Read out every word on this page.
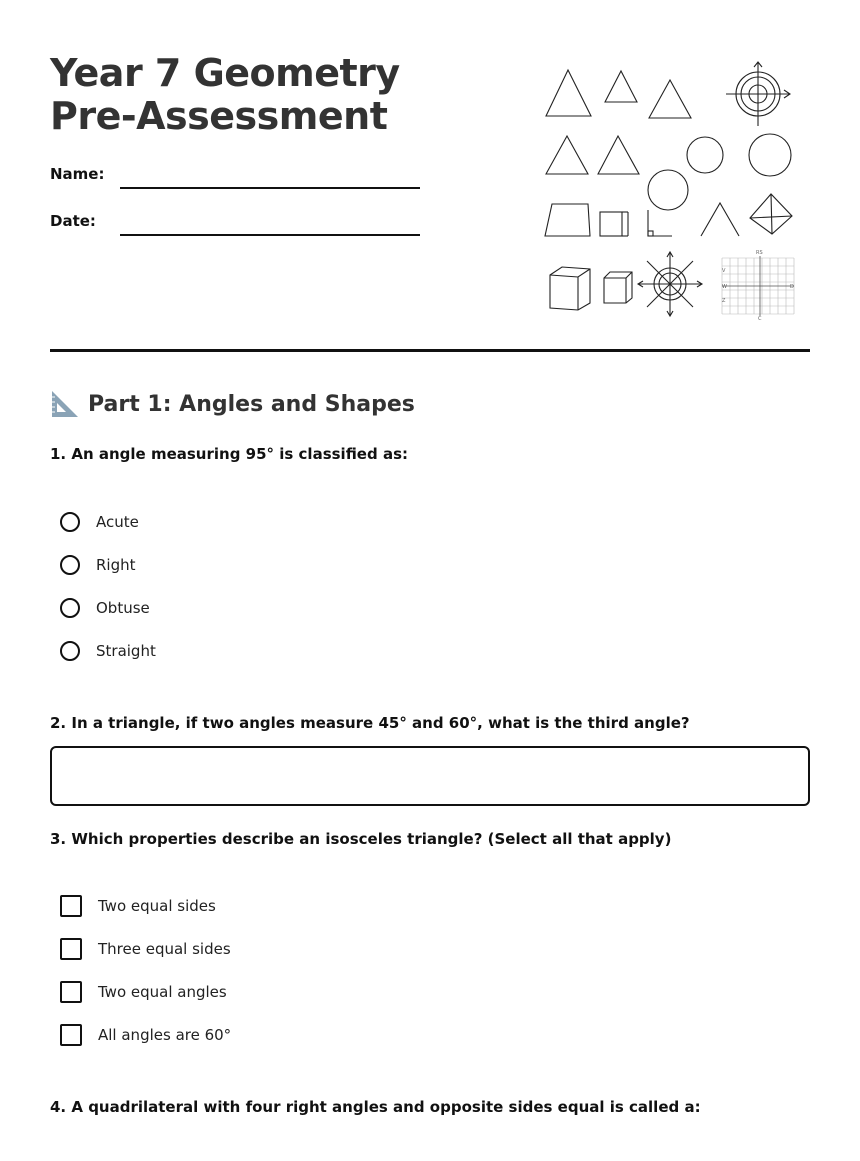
Year 7 Geometry Pre-Assessment
Name:
Date:
RS
V
W
Z
D
C
Part 1: Angles and Shapes

1. An angle measuring 95° is classified as:

Acute
Right
Obtuse
Straight

2. In a triangle, if two angles measure 45° and 60°, what is the third angle?

3. Which properties describe an isosceles triangle? (Select all that apply)

Two equal sides
Three equal sides
Two equal angles
All angles are 60°

4. A quadrilateral with four right angles and opposite sides equal is called a:
